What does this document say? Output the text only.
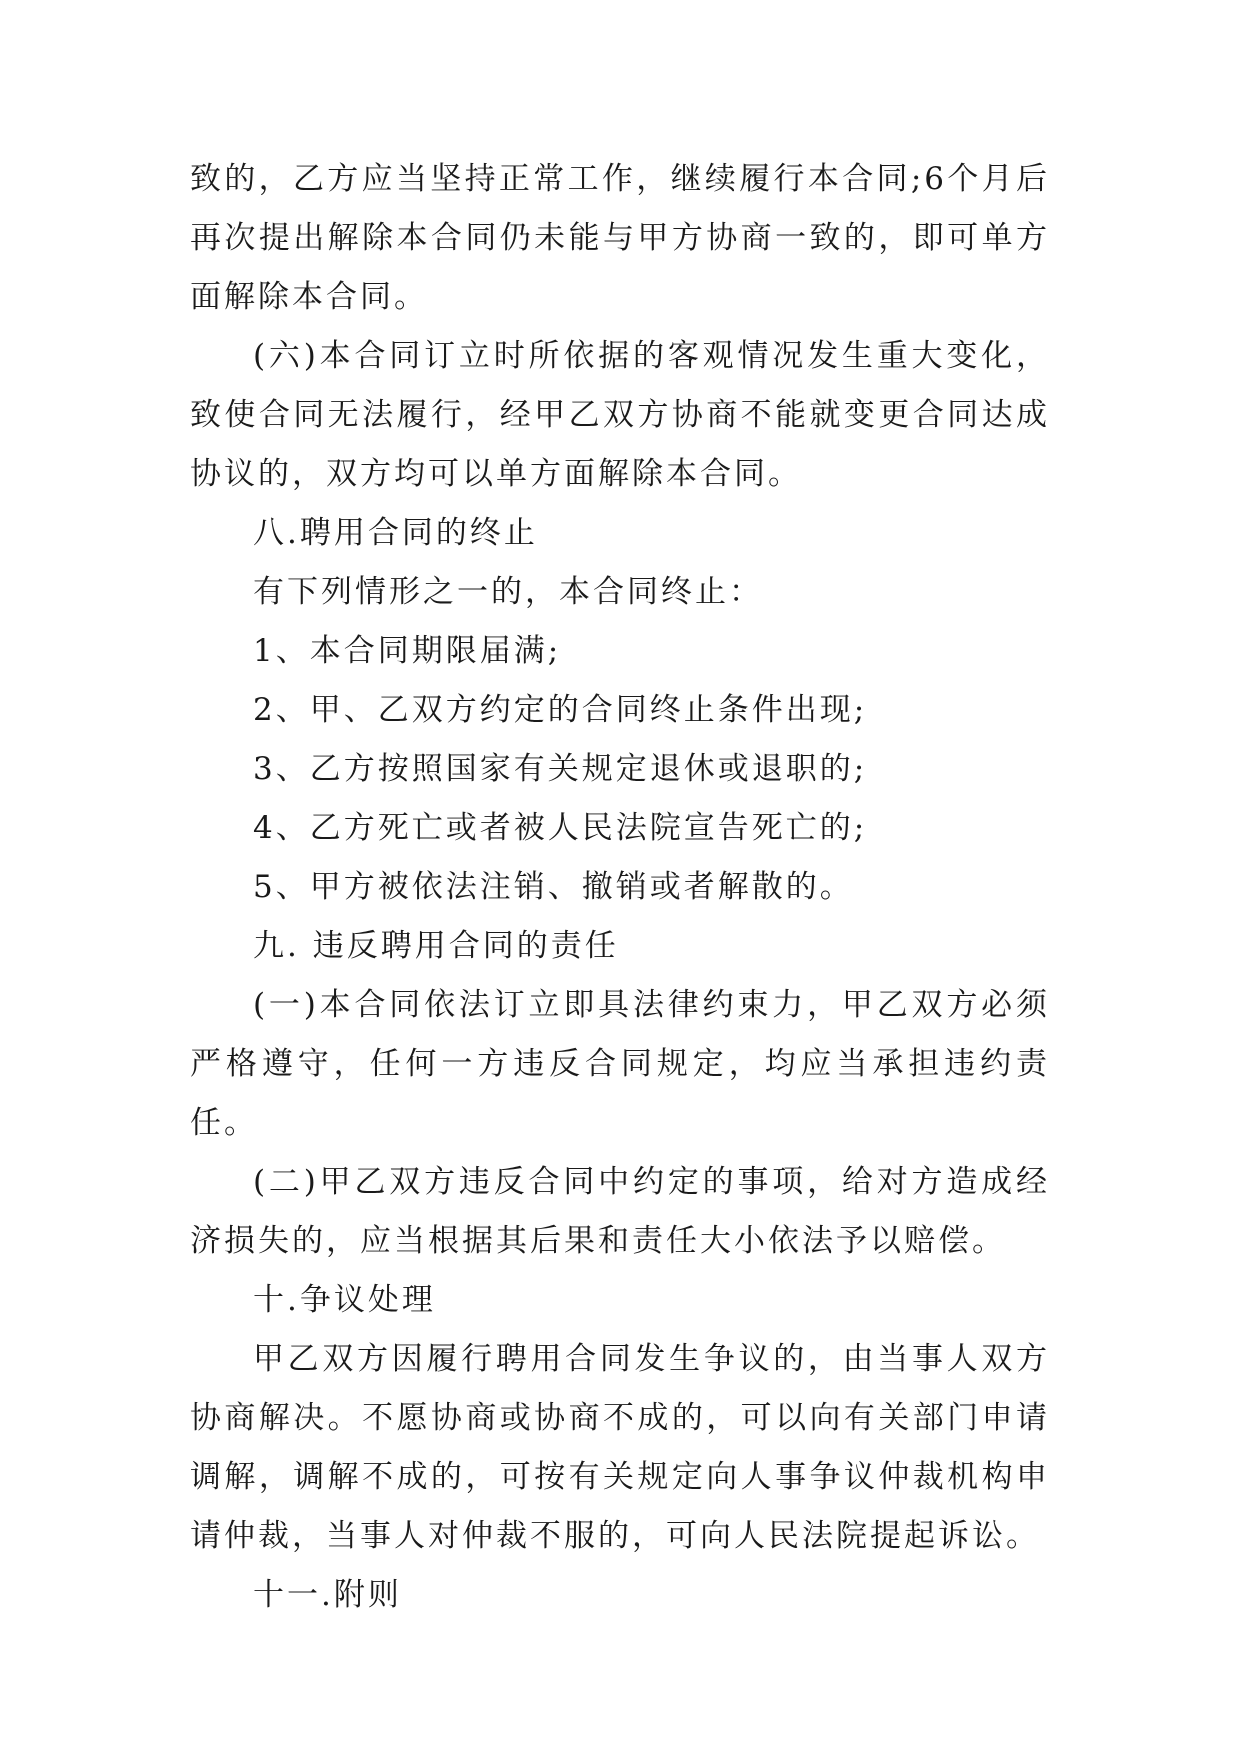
致的，乙方应当坚持正常工作，继续履行本合同;6个月后再次提出解除本合同仍未能与甲方协商一致的，即可单方面解除本合同。

(六)本合同订立时所依据的客观情况发生重大变化，致使合同无法履行，经甲乙双方协商不能就变更合同达成协议的，双方均可以单方面解除本合同。

八.聘用合同的终止

有下列情形之一的，本合同终止：

1、本合同期限届满;

2、甲、乙双方约定的合同终止条件出现;

3、乙方按照国家有关规定退休或退职的;

4、乙方死亡或者被人民法院宣告死亡的;

5、甲方被依法注销、撤销或者解散的。

九. 违反聘用合同的责任

(一)本合同依法订立即具法律约束力，甲乙双方必须严格遵守，任何一方违反合同规定，均应当承担违约责任。

(二)甲乙双方违反合同中约定的事项，给对方造成经济损失的，应当根据其后果和责任大小依法予以赔偿。

十.争议处理

甲乙双方因履行聘用合同发生争议的，由当事人双方协商解决。不愿协商或协商不成的，可以向有关部门申请调解，调解不成的，可按有关规定向人事争议仲裁机构申请仲裁，当事人对仲裁不服的，可向人民法院提起诉讼。

十一.附则
